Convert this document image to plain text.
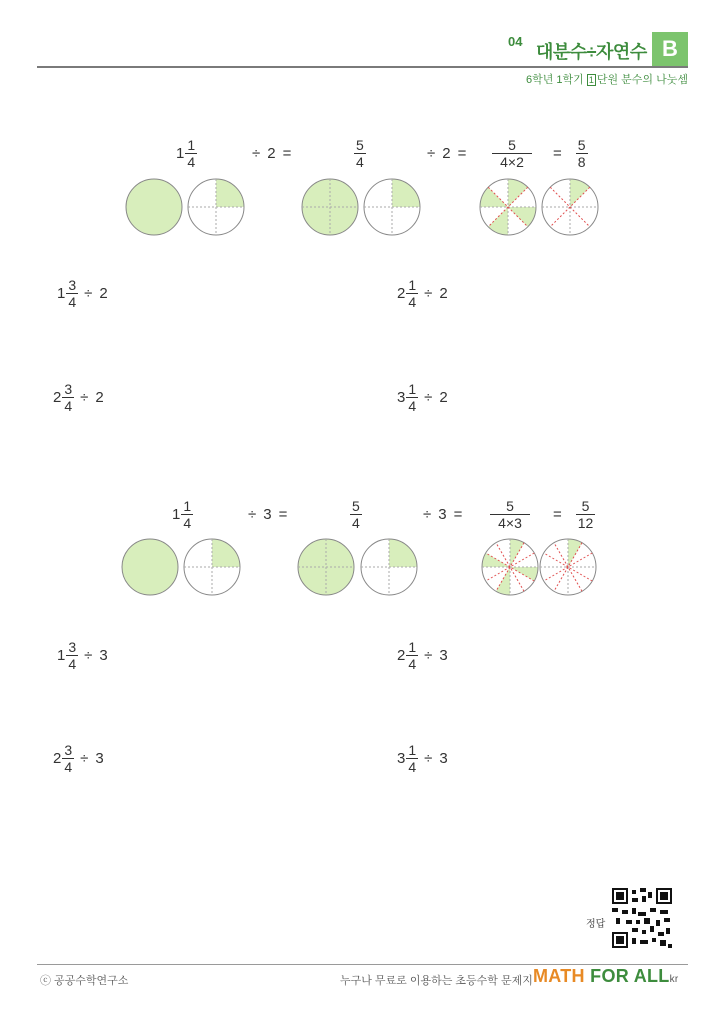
04
대분수÷자연수 B
6학년 1학기 1 단원 분수의 나눗셈
$1 \frac{1}{4}$	÷ 2 =	$\frac{5}{4}$	÷ $2 = \frac{5}{4\times 2} = \frac{5}{8}$
$1 \frac{3}{4} \div 2$	$2 \frac{1}{4} \div 2$
$2 \frac{3}{4} \div 2$	$3 \frac{1}{4} \div 2$
$1 \frac{1}{4}$	÷ 3 =	$\frac{5}{4}$	÷ $3 = \frac{5}{4\times 3} = \frac{5}{12}$
$1 \frac{3}{4} \div 3$	$2 \frac{1}{4} \div 3$
$2 \frac{3}{4} \div 3$	$3 \frac{1}{4} \div 3$
정답
ⓒ 공공수학연구소	누구나 무료로 이용하는 초등수학 문제지 MATH FOR ALLkr
